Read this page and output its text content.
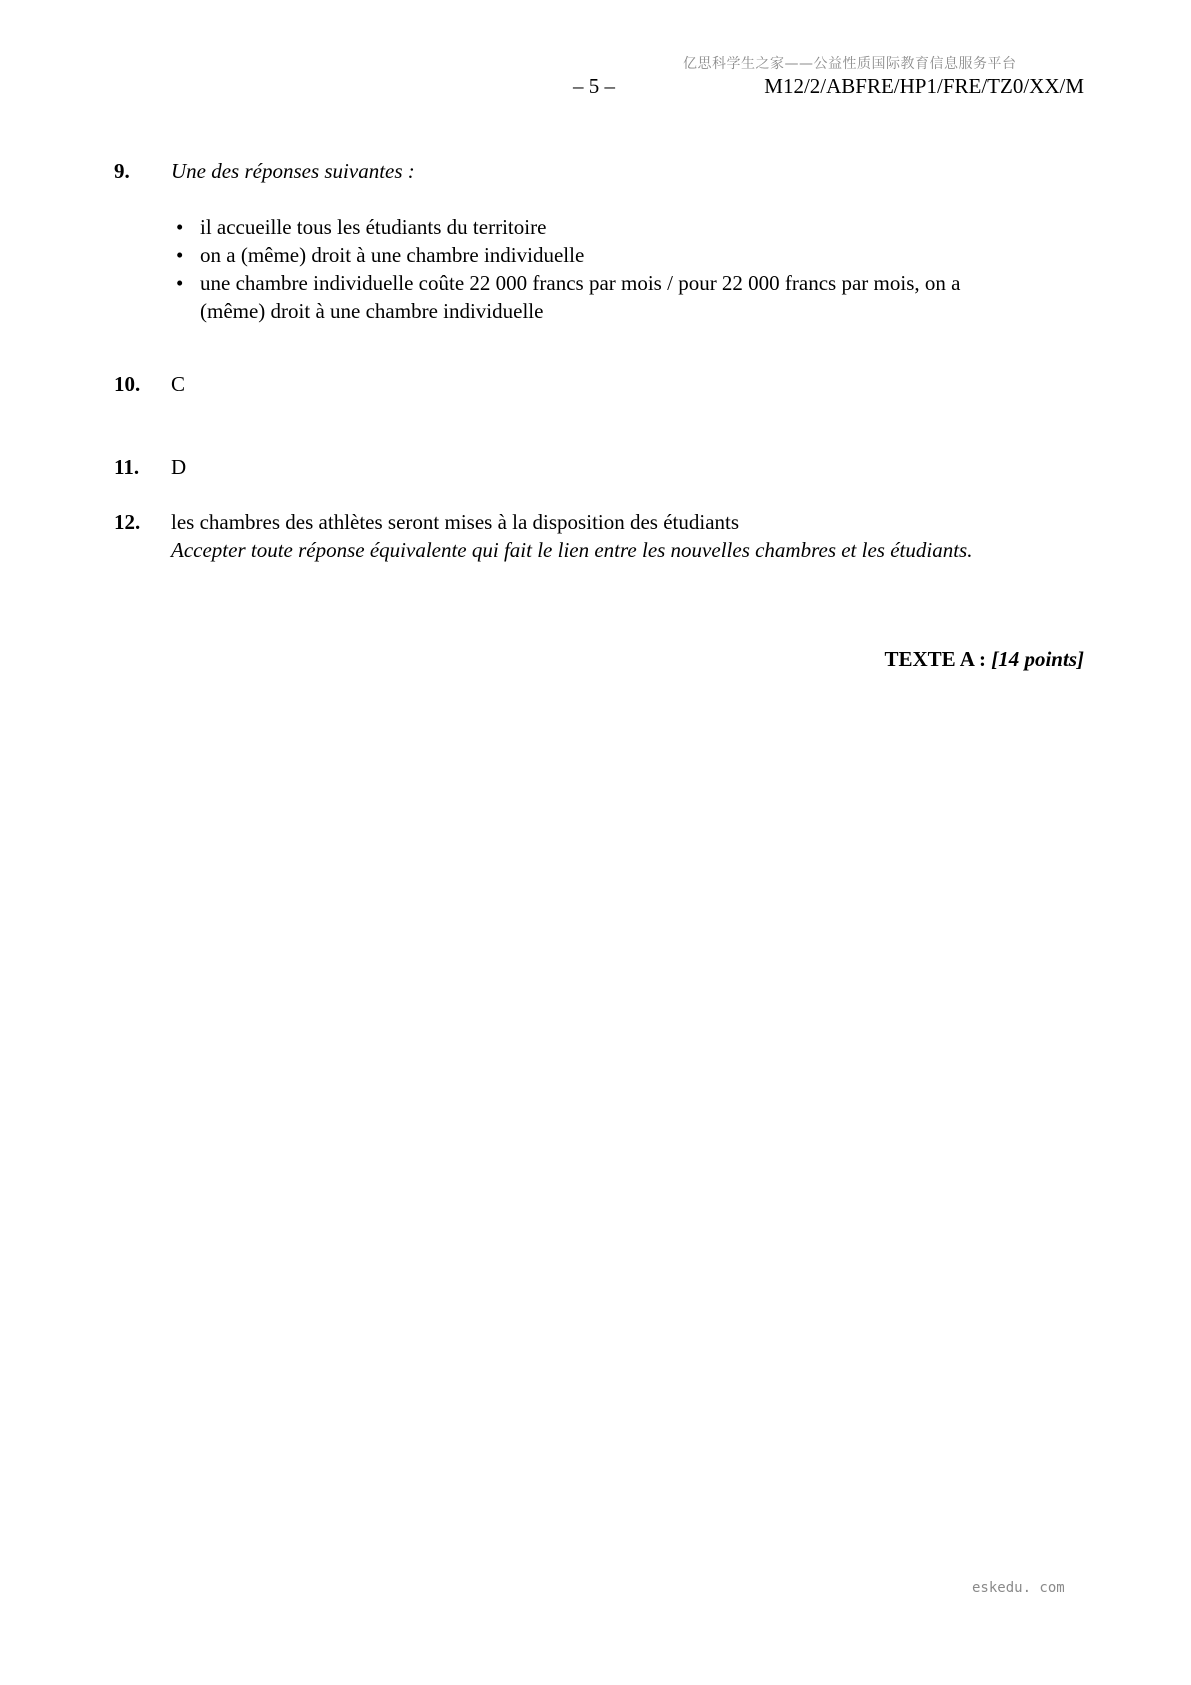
亿思科学生之家——公益性质国际教育信息服务平台
– 5 –	M12/2/ABFRE/HP1/FRE/TZ0/XX/M
9.	Une des réponses suivantes :
• il accueille tous les étudiants du territoire
• on a (même) droit à une chambre individuelle
• une chambre individuelle coûte 22 000 francs par mois / pour 22 000 francs par mois, on a (même) droit à une chambre individuelle
10.	C
11.	D
12.	les chambres des athlètes seront mises à la disposition des étudiants
Accepter toute réponse équivalente qui fait le lien entre les nouvelles chambres et les étudiants.
TEXTE A : [14 points]
eskedu. com
